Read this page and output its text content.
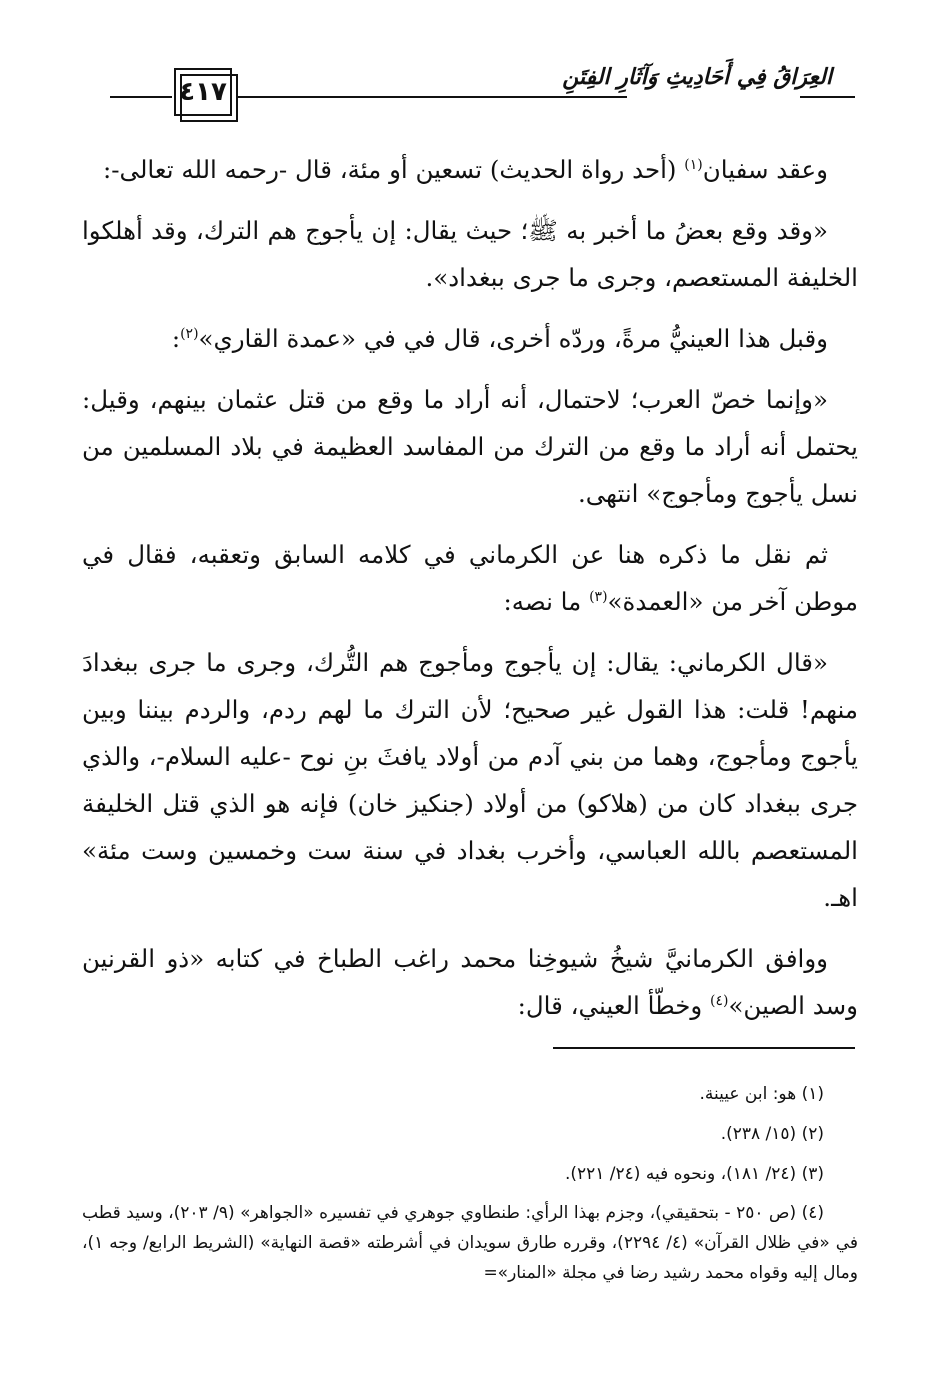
٤١٧	العِرَاقُ فِي أَحَادِيثِ وَآثَارِ الفِتَنِ

وعقد سفيان$^{(١)}$ (أحد رواة الحديث) تسعين أو مئة، قال -رحمه الله تعالى-:

«وقد وقع بعضُ ما أخبر به ﷺ؛ حيث يقال: إن يأجوج هم الترك، وقد أهلكوا الخليفة المستعصم، وجرى ما جرى ببغداد».

وقبل هذا العينيُّ مرةً، وردّه أخرى، قال في في «عمدة القاري»$^{(٢)}$:

«وإنما خصّ العرب؛ لاحتمال، أنه أراد ما وقع من قتل عثمان بينهم، وقيل: يحتمل أنه أراد ما وقع من الترك من المفاسد العظيمة في بلاد المسلمين من نسل يأجوج ومأجوج» انتهى.

ثم نقل ما ذكره هنا عن الكرماني في كلامه السابق وتعقبه، فقال في موطن آخر من «العمدة»$^{(٣)}$ ما نصه:

«قال الكرماني: يقال: إن يأجوج ومأجوج هم التُّرك، وجرى ما جرى ببغدادَ منهم! قلت: هذا القول غير صحيح؛ لأن الترك ما لهم ردم، والردم بيننا وبين يأجوج ومأجوج، وهما من بني آدم من أولاد يافثَ بنِ نوح -عليه السلام-، والذي جرى ببغداد كان من (هلاكو) من أولاد (جنكيز خان) فإنه هو الذي قتل الخليفة المستعصم بالله العباسي، وأخرب بغداد في سنة ست وخمسين وست مئة» اهـ.

ووافق الكرمانيَّ شيخُ شيوخِنا محمد راغب الطباخ في كتابه «ذو القرنين وسد الصين»$^{(٤)}$ وخطّأ العيني، قال:

(١) هو: ابن عيينة.

(٢) (١٥/ ٢٣٨).

(٣) (٢٤/ ١٨١)، ونحوه فيه (٢٤/ ٢٢١).

(٤) (ص ٢٥٠ - بتحقيقي)، وجزم بهذا الرأي: طنطاوي جوهري في تفسيره «الجواهر» (٩/ ٢٠٣)، وسيد قطب في «في ظلال القرآن» (٤/ ٢٢٩٤)، وقرره طارق سويدان في أشرطته «قصة النهاية» (الشريط الرابع/ وجه ١)، ومال إليه وقواه محمد رشيد رضا في مجلة «المنار»=
